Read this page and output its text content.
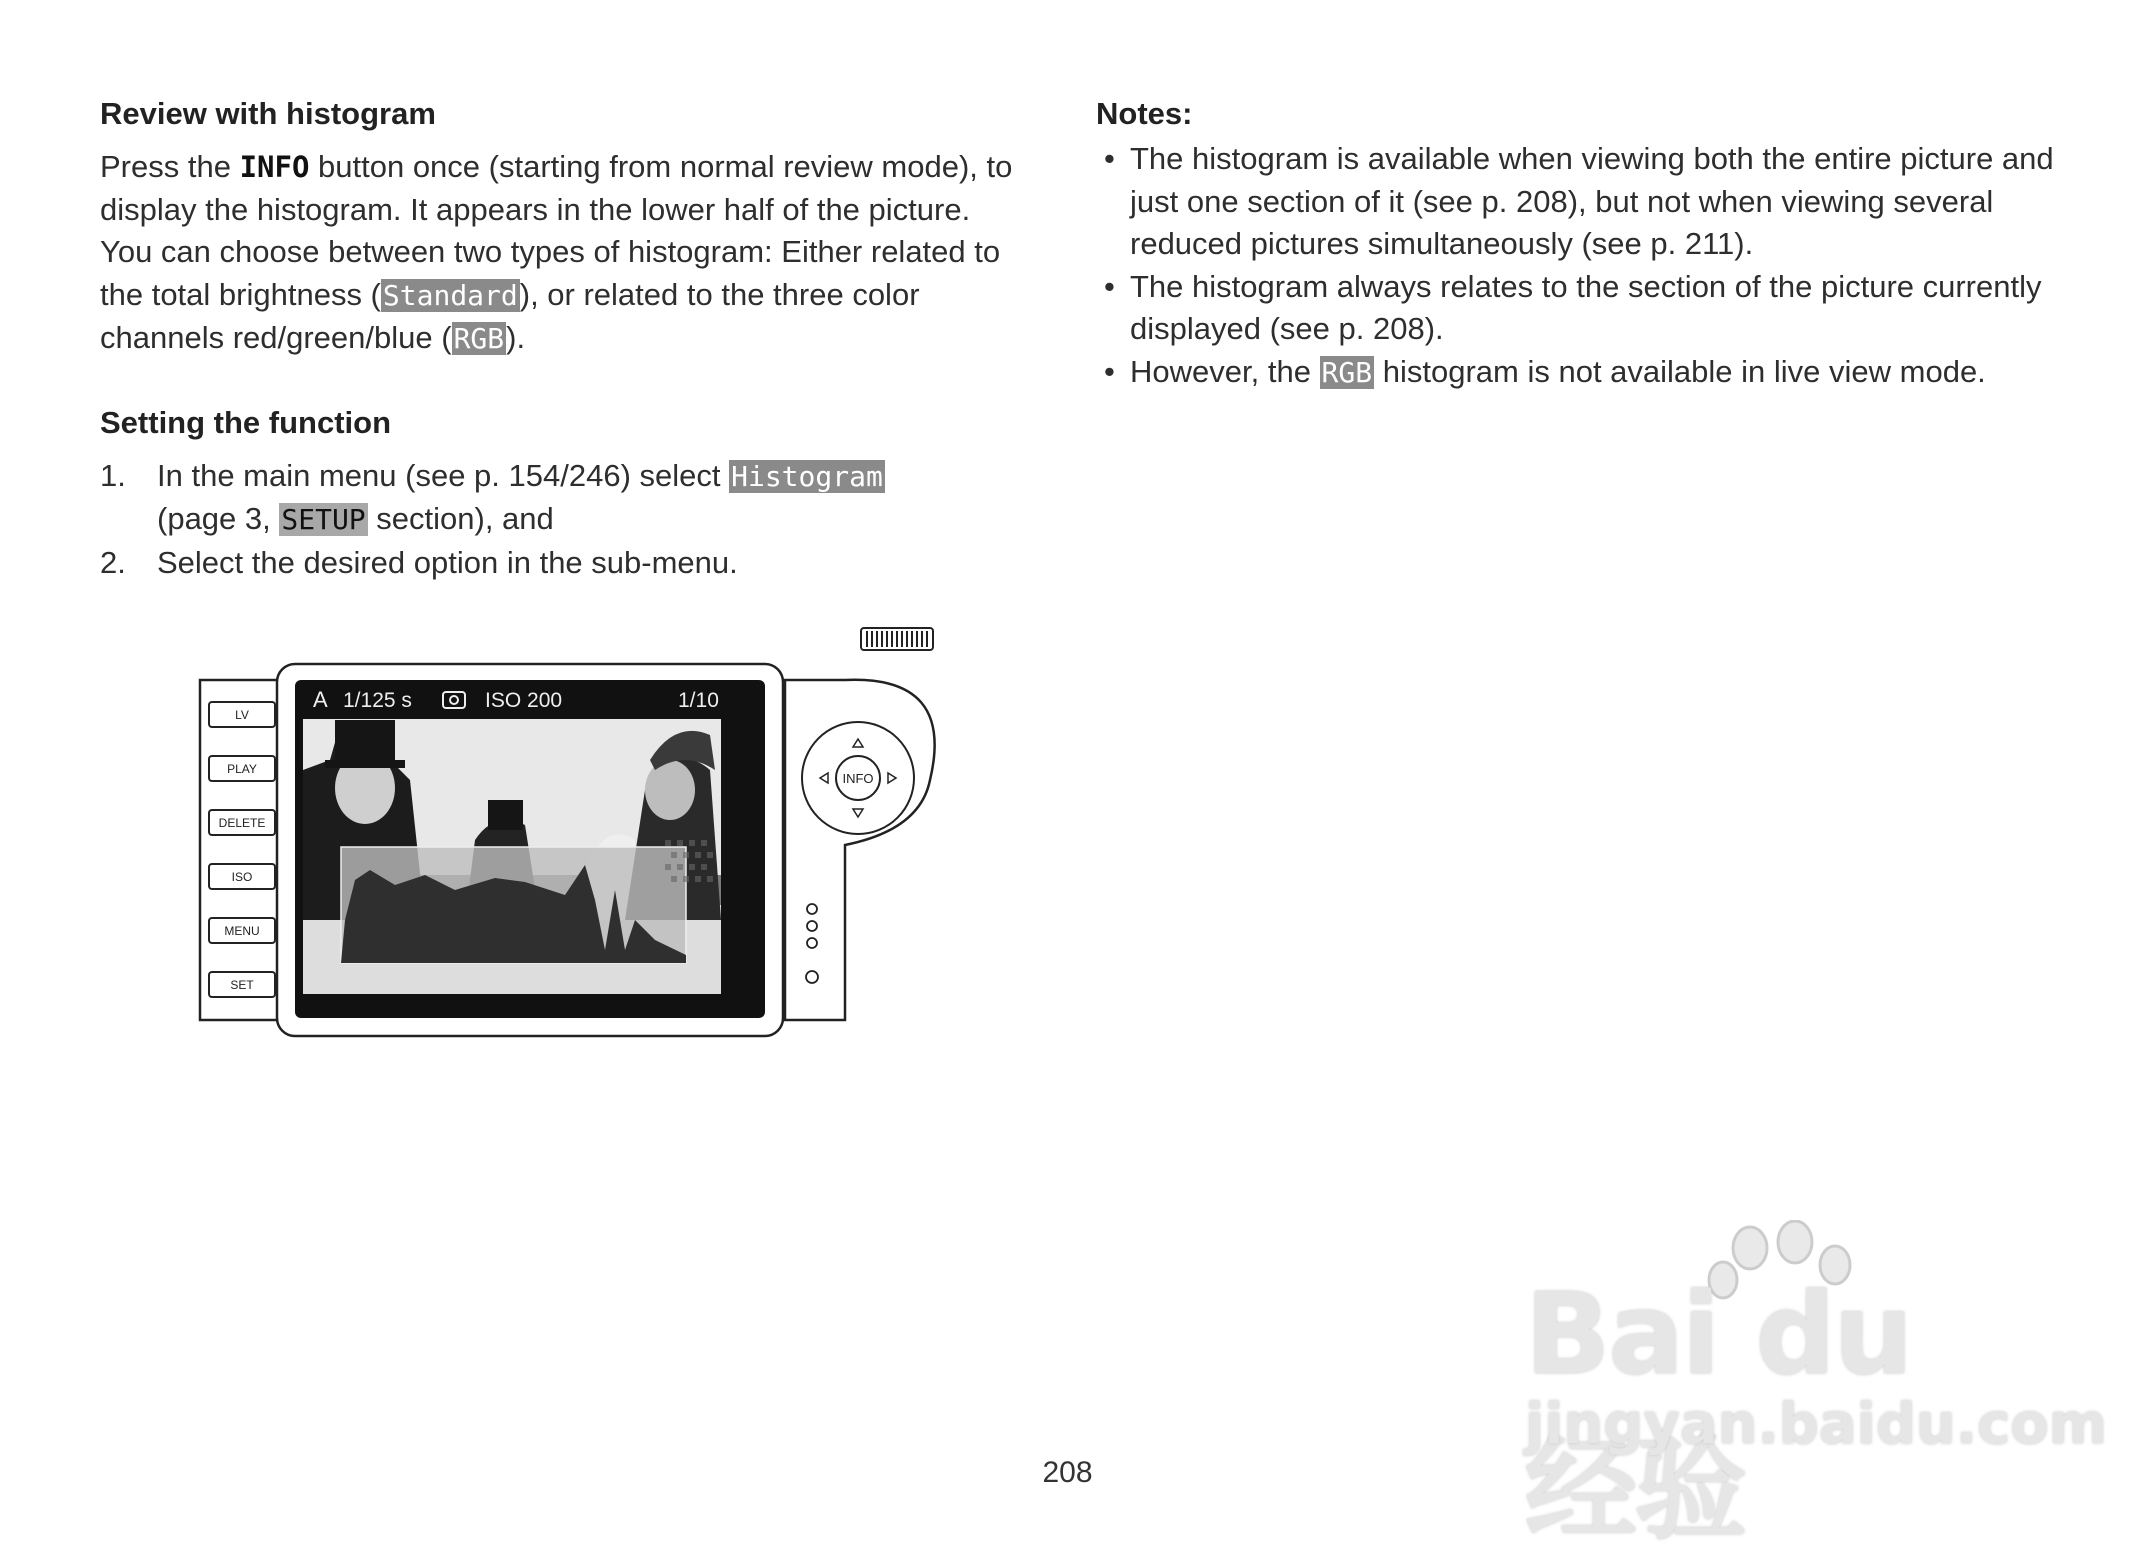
Review with histogram

Press the INFO button once (starting from normal review mode), to display the histogram. It appears in the lower half of the picture.

You can choose between two types of histogram: Either related to the total brightness (Standard), or related to the three color channels red/green/blue (RGB).

Setting the function
1. In the main menu (see p. 154/246) select Histogram
(page 3, SETUP section), and
2. Select the desired option in the sub-menu.
Notes:
• The histogram is available when viewing both the entire picture and just one section of it (see p. 208), but not when viewing several reduced pictures simultaneously (see p. 211).
• The histogram always relates to the section of the picture currently displayed (see p. 208).
• However, the RGB histogram is not available in live view mode.
LV
PLAY
DELETE
ISO
MENU
SET
A 1/125 s	ISO 200	1/10
INFO
208
Bai du 经验
jingyan.baidu.com
